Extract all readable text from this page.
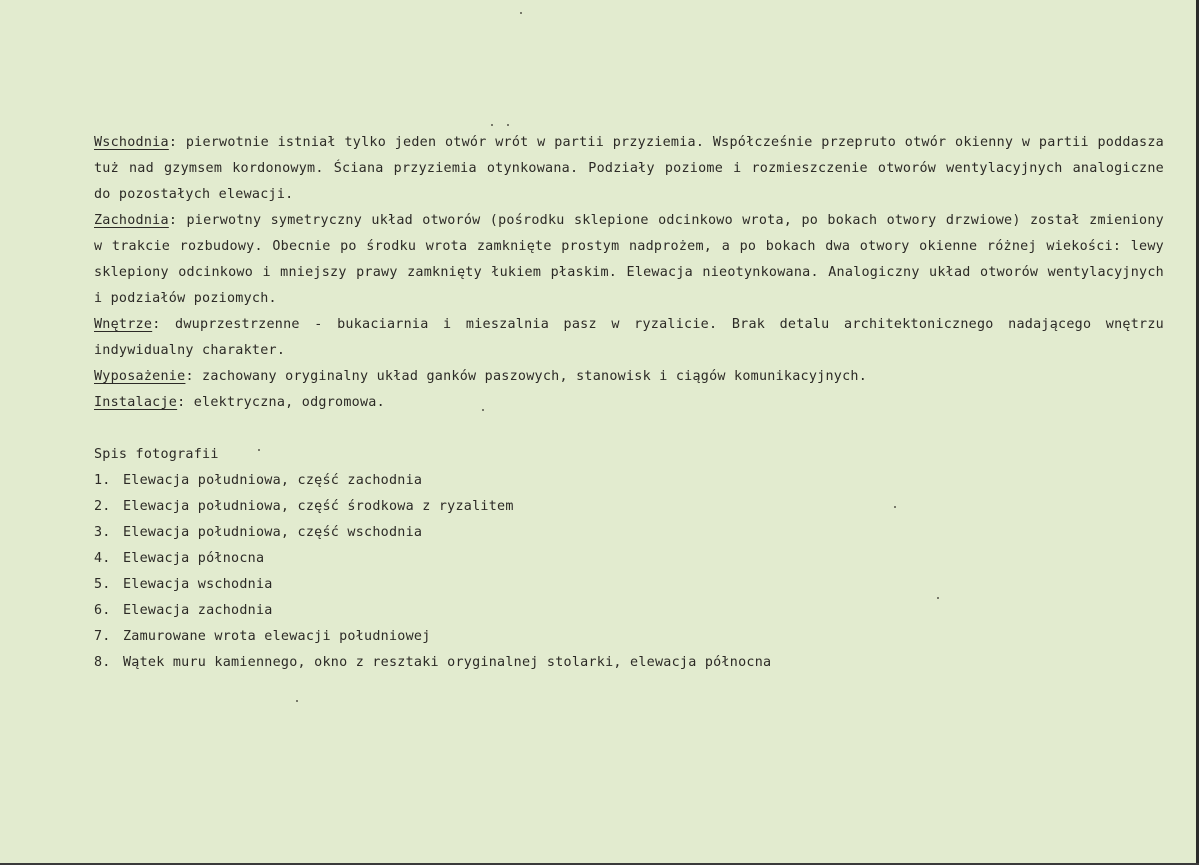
Wschodnia: pierwotnie istniał tylko jeden otwór wrót w partii przyziemia. Współcześnie przepruto otwór okienny w partii poddasza tuż nad gzymsem kordonowym. Ściana przyziemia otynkowana. Podziały poziome i rozmieszczenie otworów wentylacyjnych analogiczne do pozostałych elewacji.

Zachodnia: pierwotny symetryczny układ otworów (pośrodku sklepione odcinkowo wrota, po bokach otwory drzwiowe) został zmieniony w trakcie rozbudowy. Obecnie po środku wrota zamknięte prostym nadprożem, a po bokach dwa otwory okienne różnej wiekości: lewy sklepiony odcinkowo i mniejszy prawy zamknięty łukiem płaskim. Elewacja nieotynkowana. Analogiczny układ otworów wentylacyjnych i podziałów poziomych.

Wnętrze: dwuprzestrzenne - bukaciarnia i mieszalnia pasz w ryzalicie. Brak detalu architektonicznego nadającego wnętrzu indywidualny charakter.

Wyposażenie: zachowany oryginalny układ ganków paszowych, stanowisk i ciągów komunikacyjnych.

Instalacje: elektryczna, odgromowa.

Spis fotografii

1. Elewacja południowa, część zachodnia
2. Elewacja południowa, część środkowa z ryzalitem
3. Elewacja południowa, część wschodnia
4. Elewacja północna
5. Elewacja wschodnia
6. Elewacja zachodnia
7. Zamurowane wrota elewacji południowej
8. Wątek muru kamiennego, okno z resztaki oryginalnej stolarki, elewacja północna
